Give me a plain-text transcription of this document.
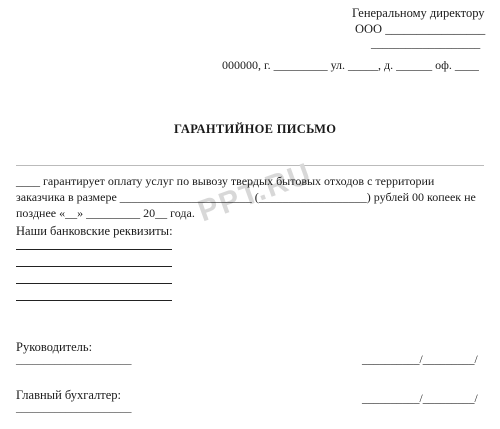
Генеральному директору
ООО ________________
___________________
000000, г. _________ ул. _____, д. ______ оф. ____
ГАРАНТИЙНОЕ ПИСЬМО
PPT.RU
____ гарантирует оплату услуг по вывозу твердых бытовых отходов с территории
заказчика в размере ______________________ (__________________) рублей 00 копеек не
позднее «__» _________ 20__ года.
Наши банковские реквизиты:
Руководитель:
_____________________	__________/_________/
Главный бухгалтер:
_____________________
__________/_________/
